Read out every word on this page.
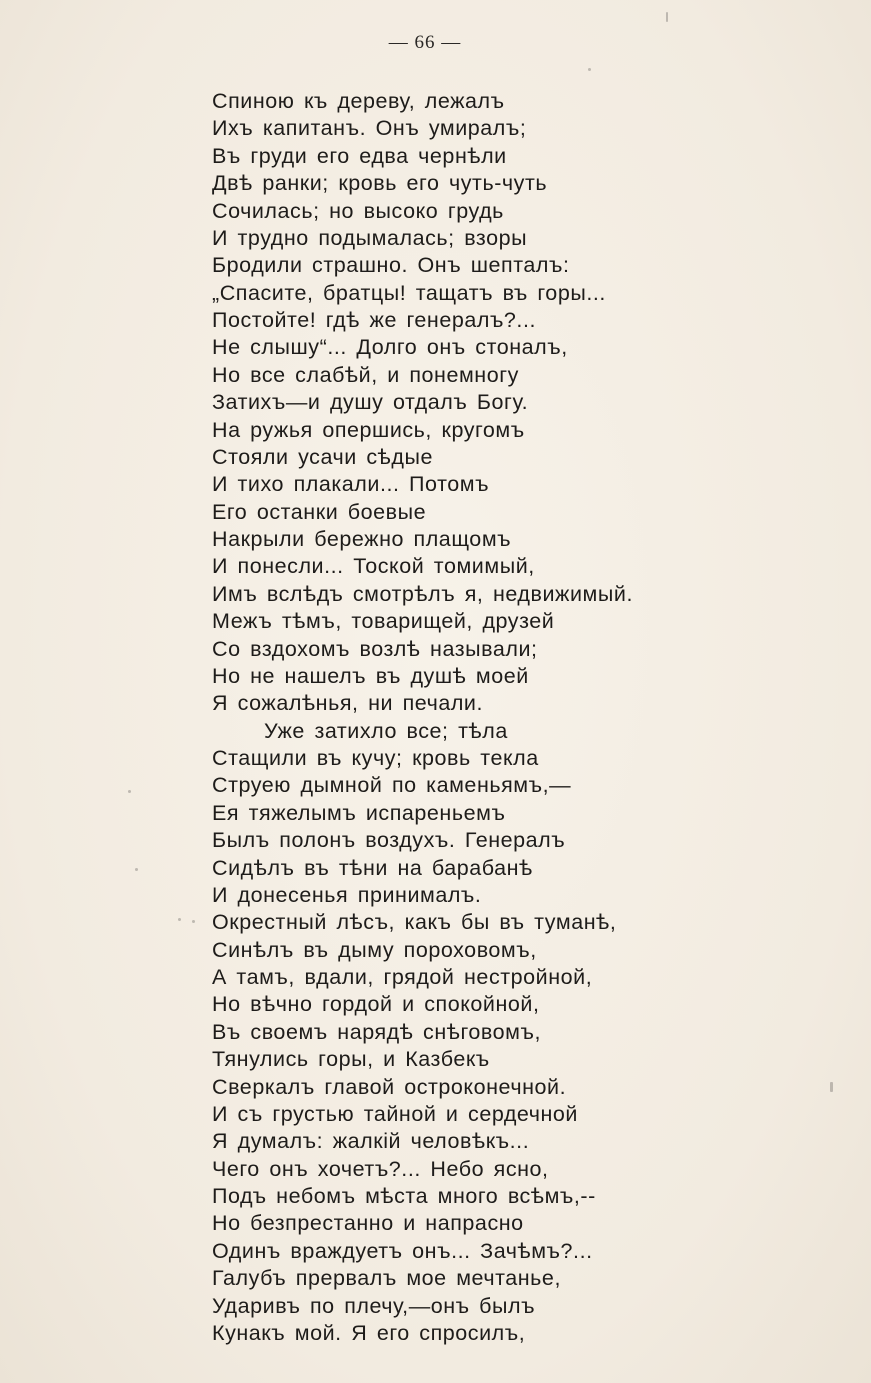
— 66 —
Спиною къ дереву, лежалъ
Ихъ капитанъ. Онъ умиралъ;
Въ груди его едва чернѣли
Двѣ ранки; кровь его чуть-чуть
Сочилась; но высоко грудь
И трудно подымалась; взоры
Бродили страшно. Онъ шепталъ:
„Спасите, братцы! тащатъ въ горы...
Постойте! гдѣ же генералъ?...
Не слышу“... Долго онъ стоналъ,
Но все слабѣй, и понемногу
Затихъ—и душу отдалъ Богу.
На ружья опершись, кругомъ
Стояли усачи сѣдые
И тихо плакали... Потомъ
Его останки боевые
Накрыли бережно плащомъ
И понесли... Тоской томимый,
Имъ вслѣдъ смотрѣлъ я, недвижимый.
Межъ тѣмъ, товарищей, друзей
Со вздохомъ возлѣ называли;
Но не нашелъ въ душѣ моей
Я сожалѣнья, ни печали.
Уже затихло все; тѣла
Стащили въ кучу; кровь текла
Струею дымной по каменьямъ,—
Ея тяжелымъ испареньемъ
Былъ полонъ воздухъ. Генералъ
Сидѣлъ въ тѣни на барабанѣ
И донесенья принималъ.
Окрестный лѣсъ, какъ бы въ туманѣ,
Синѣлъ въ дыму пороховомъ,
А тамъ, вдали, грядой нестройной,
Но вѣчно гордой и спокойной,
Въ своемъ нарядѣ снѣговомъ,
Тянулись горы, и Казбекъ
Сверкалъ главой остроконечной.
И съ грустью тайной и сердечной
Я думалъ: жалкій человѣкъ...
Чего онъ хочетъ?... Небо ясно,
Подъ небомъ мѣста много всѣмъ,--
Но безпрестанно и напрасно
Одинъ враждуетъ онъ... Зачѣмъ?...
Галубъ прервалъ мое мечтанье,
Ударивъ по плечу,—онъ былъ
Кунакъ мой. Я его спросилъ,
